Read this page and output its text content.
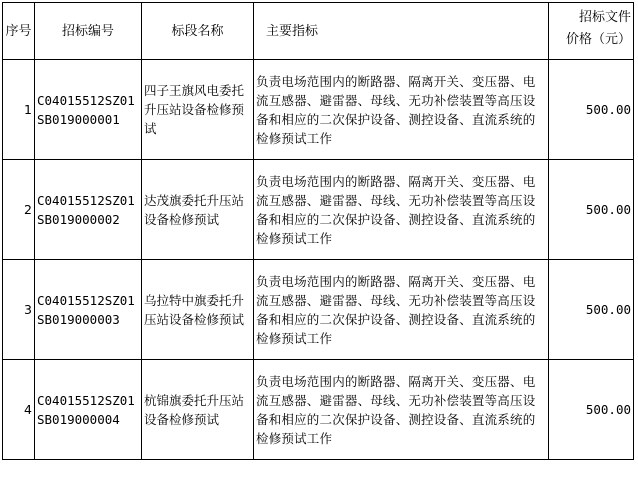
序号	招标编号	标段名称	主要指标	招标文件
价格（元）

1	C04015512SZ01SB019000001	四子王旗风电委托升压站设备检修预试	负责电场范围内的断路器、隔离开关、变压器、电流互感器、避雷器、母线、无功补偿装置等高压设备和相应的二次保护设备、测控设备、直流系统的检修预试工作	500.00
2	C04015512SZ01SB019000002	达茂旗委托升压站设备检修预试	负责电场范围内的断路器、隔离开关、变压器、电流互感器、避雷器、母线、无功补偿装置等高压设备和相应的二次保护设备、测控设备、直流系统的检修预试工作	500.00
3	C04015512SZ01SB019000003	乌拉特中旗委托升压站设备检修预试	负责电场范围内的断路器、隔离开关、变压器、电流互感器、避雷器、母线、无功补偿装置等高压设备和相应的二次保护设备、测控设备、直流系统的检修预试工作	500.00
4	C04015512SZ01SB019000004	杭锦旗委托升压站设备检修预试	负责电场范围内的断路器、隔离开关、变压器、电流互感器、避雷器、母线、无功补偿装置等高压设备和相应的二次保护设备、测控设备、直流系统的检修预试工作	500.00
